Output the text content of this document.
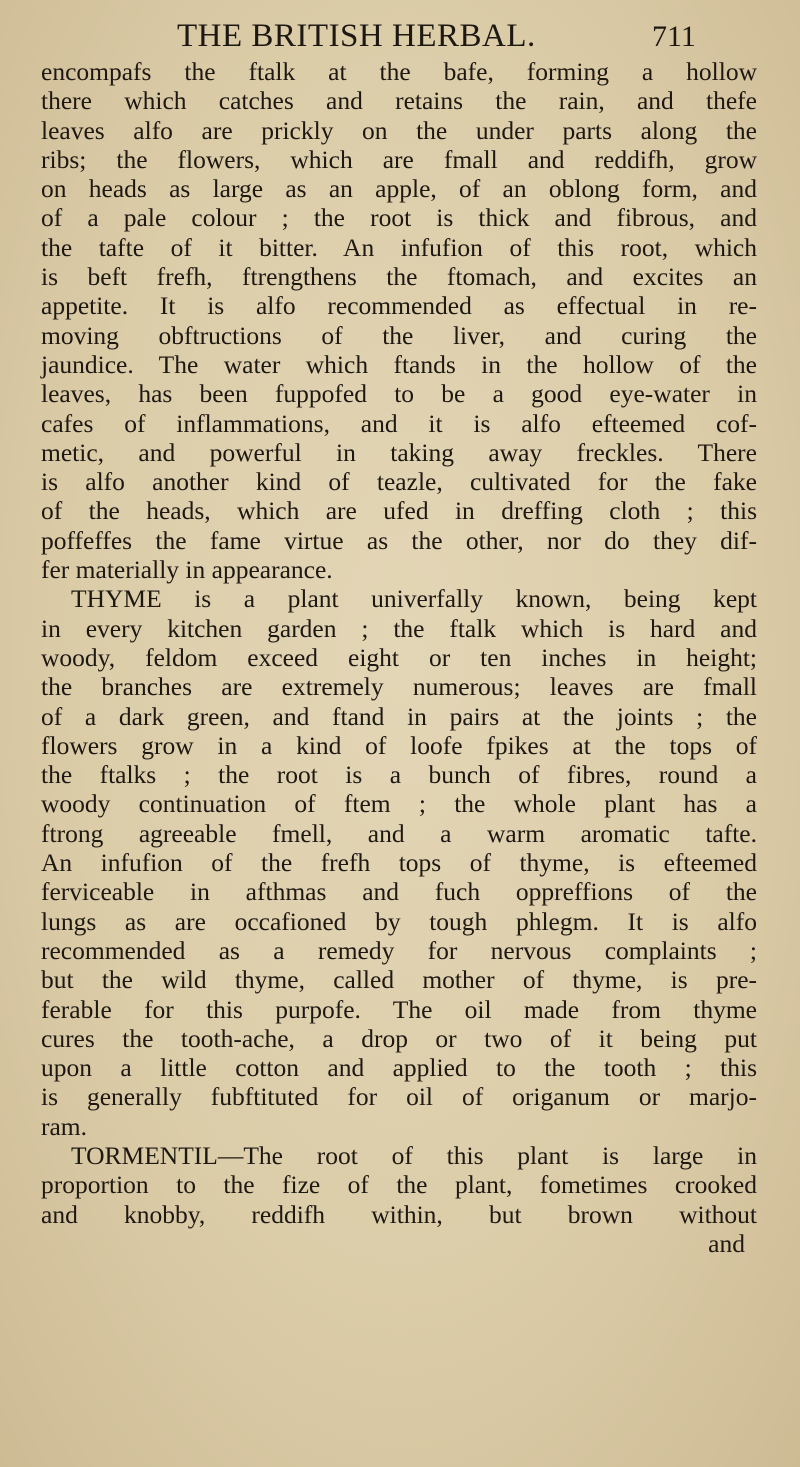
THE BRITISH HERBAL.	711
encompafs the ftalk at the bafe, forming a hollow
there which catches and retains the rain, and thefe
leaves alfo are prickly on the under parts along the
ribs; the flowers, which are fmall and reddifh, grow
on heads as large as an apple, of an oblong form, and
of a pale colour ; the root is thick and fibrous, and
the tafte of it bitter. An infufion of this root, which
is beft frefh, ftrengthens the ftomach, and excites an
appetite. It is alfo recommended as effectual in re-
moving obftructions of the liver, and curing the
jaundice. The water which ftands in the hollow of the
leaves, has been fuppofed to be a good eye-water in
cafes of inflammations, and it is alfo efteemed cof-
metic, and powerful in taking away freckles. There
is alfo another kind of teazle, cultivated for the fake
of the heads, which are ufed in dreffing cloth ; this
poffeffes the fame virtue as the other, nor do they dif-
fer materially in appearance.
THYME is a plant univerfally known, being kept
in every kitchen garden ; the ftalk which is hard and
woody, feldom exceed eight or ten inches in height;
the branches are extremely numerous; leaves are fmall
of a dark green, and ftand in pairs at the joints ; the
flowers grow in a kind of loofe fpikes at the tops of
the ftalks ; the root is a bunch of fibres, round a
woody continuation of ftem ; the whole plant has a
ftrong agreeable fmell, and a warm aromatic tafte.
An infufion of the frefh tops of thyme, is efteemed
ferviceable in afthmas and fuch oppreffions of the
lungs as are occafioned by tough phlegm. It is alfo
recommended as a remedy for nervous complaints ;
but the wild thyme, called mother of thyme, is pre-
ferable for this purpofe. The oil made from thyme
cures the tooth-ache, a drop or two of it being put
upon a little cotton and applied to the tooth ; this
is generally fubftituted for oil of origanum or marjo-
ram.
TORMENTIL—The root of this plant is large in
proportion to the fize of the plant, fometimes crooked
and knobby, reddifh within, but brown without
and
